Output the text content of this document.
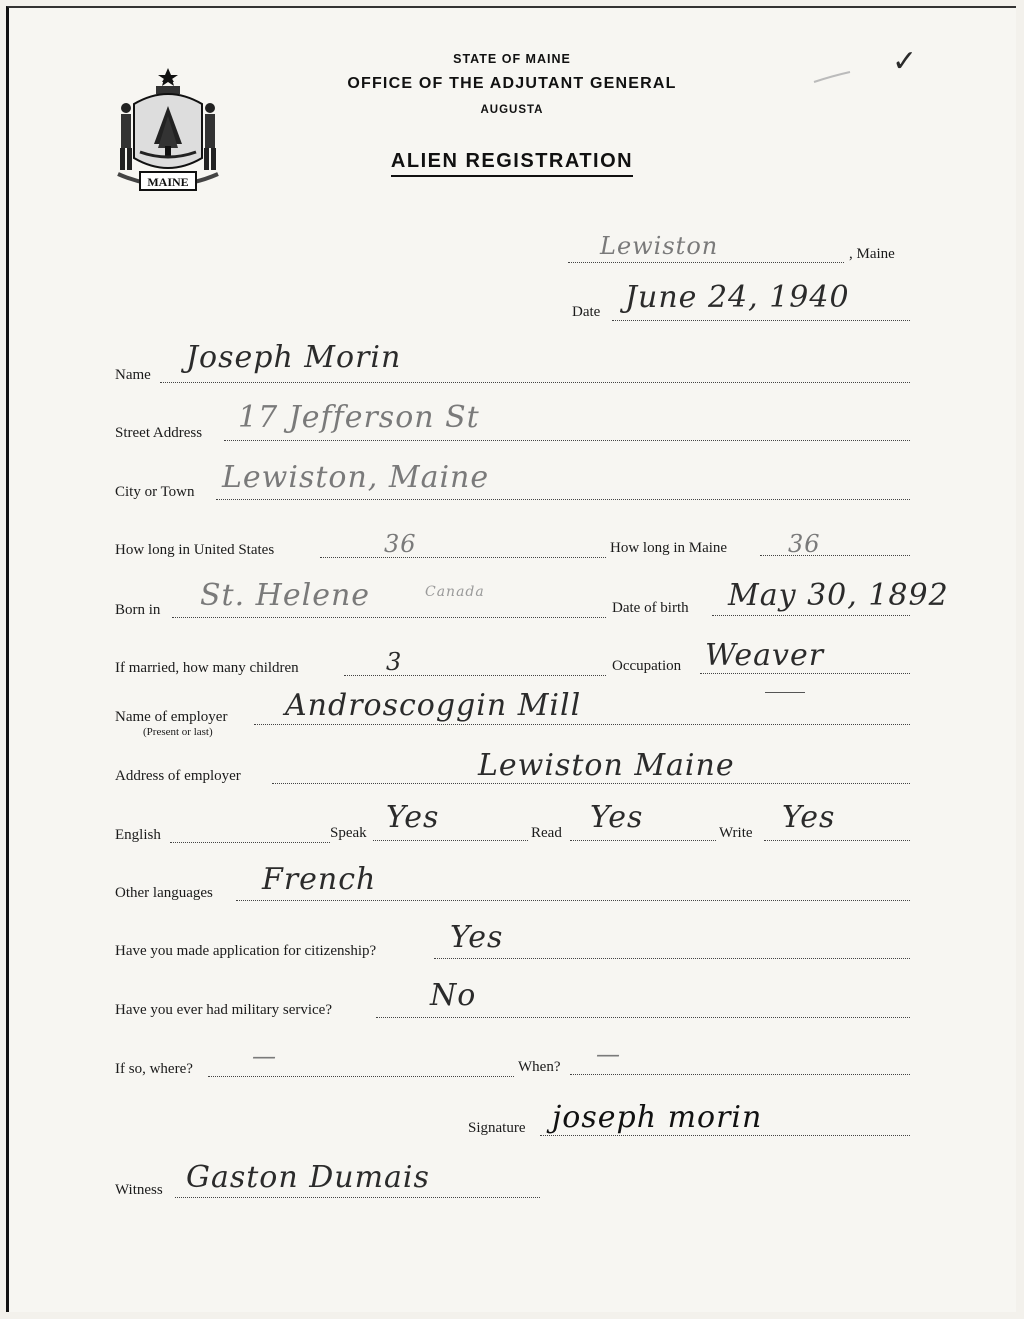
MAINE
✓
STATE OF MAINE
OFFICE OF THE ADJUTANT GENERAL
AUGUSTA
ALIEN REGISTRATION
Lewiston	, Maine
Date June 24, 1940
Name Joseph Morin
Street Address 17 Jefferson St
City or Town Lewiston, Maine
How long in United States	36	How long in Maine	36
Born in St. Helene	Canada
Date of birth May 30, 1892
If married, how many children	3	Occupation Weaver
Name of employer
(Present or last)
Androscoggin Mill
Address of employer	Lewiston Maine
English	Speak Yes	Read Yes	Write Yes
Other languages French
Have you made application for citizenship? Yes
Have you ever had military service?	No
If so, where? —	When? —
Signature joseph morin
Witness Gaston Dumais
